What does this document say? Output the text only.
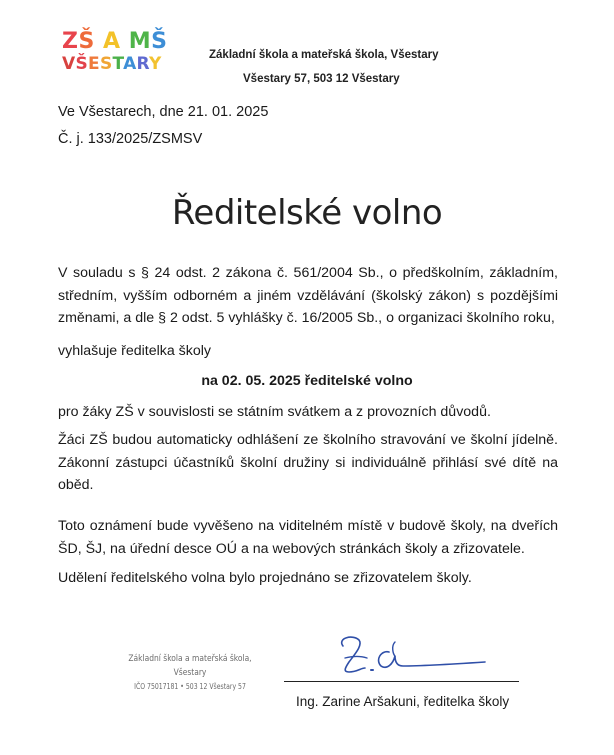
ZŠ A MŠ
VŠESTARY	Základní škola a mateřská škola, Všestary
Všestary 57, 503 12 Všestary
Ve Všestarech, dne 21. 01. 2025
Č. j. 133/2025/ZSMSV
Ředitelské volno
V souladu s § 24 odst. 2 zákona č. 561/2004 Sb., o předškolním, základním, středním, vyšším odborném a jiném vzdělávání (školský zákon) s pozdějšími změnami, a dle § 2 odst. 5 vyhlášky č. 16/2005 Sb., o organizaci školního roku,
vyhlašuje ředitelka školy
na 02. 05. 2025 ředitelské volno
pro žáky ZŠ v souvislosti se státním svátkem a z provozních důvodů.
Žáci ZŠ budou automaticky odhlášení ze školního stravování ve školní jídelně. Zákonní zástupci účastníků školní družiny si individuálně přihlásí své dítě na oběd.
Toto oznámení bude vyvěšeno na viditelném místě v budově školy, na dveřích ŠD, ŠJ, na úřední desce OÚ a na webových stránkách školy a zřizovatele.
Udělení ředitelského volna bylo projednáno se zřizovatelem školy.
Základní škola a mateřská škola,
Všestary
IČO 75017181 • 503 12 Všestary 57
Ing. Zarine Aršakuni, ředitelka školy
